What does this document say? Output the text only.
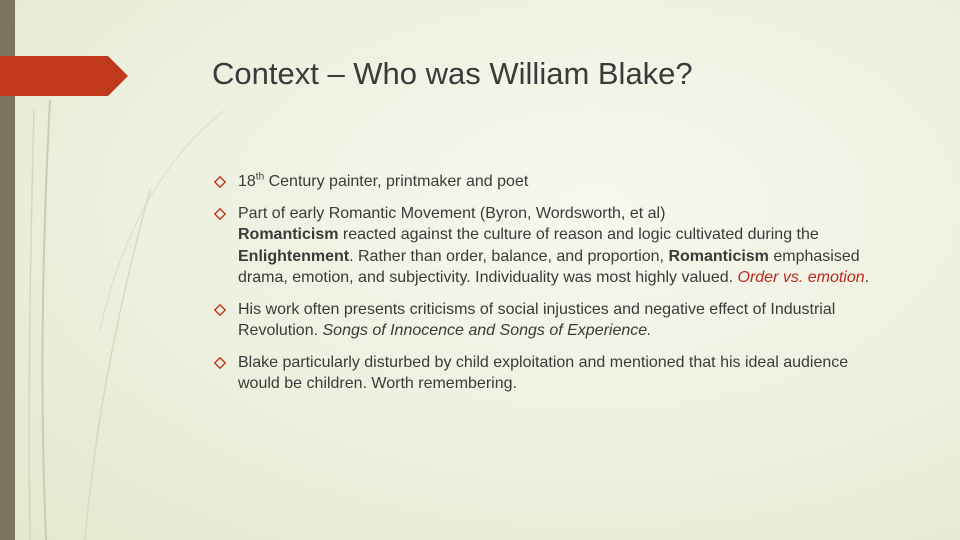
Context – Who was William Blake?
18th Century painter, printmaker and poet
Part of early Romantic Movement (Byron, Wordsworth, et al)
Romanticism reacted against the culture of reason and logic cultivated during the Enlightenment. Rather than order, balance, and proportion, Romanticism emphasised drama, emotion, and subjectivity. Individuality was most highly valued. Order vs. emotion.
His work often presents criticisms of social injustices and negative effect of Industrial Revolution. Songs of Innocence and Songs of Experience.
Blake particularly disturbed by child exploitation and mentioned that his ideal audience would be children. Worth remembering.
